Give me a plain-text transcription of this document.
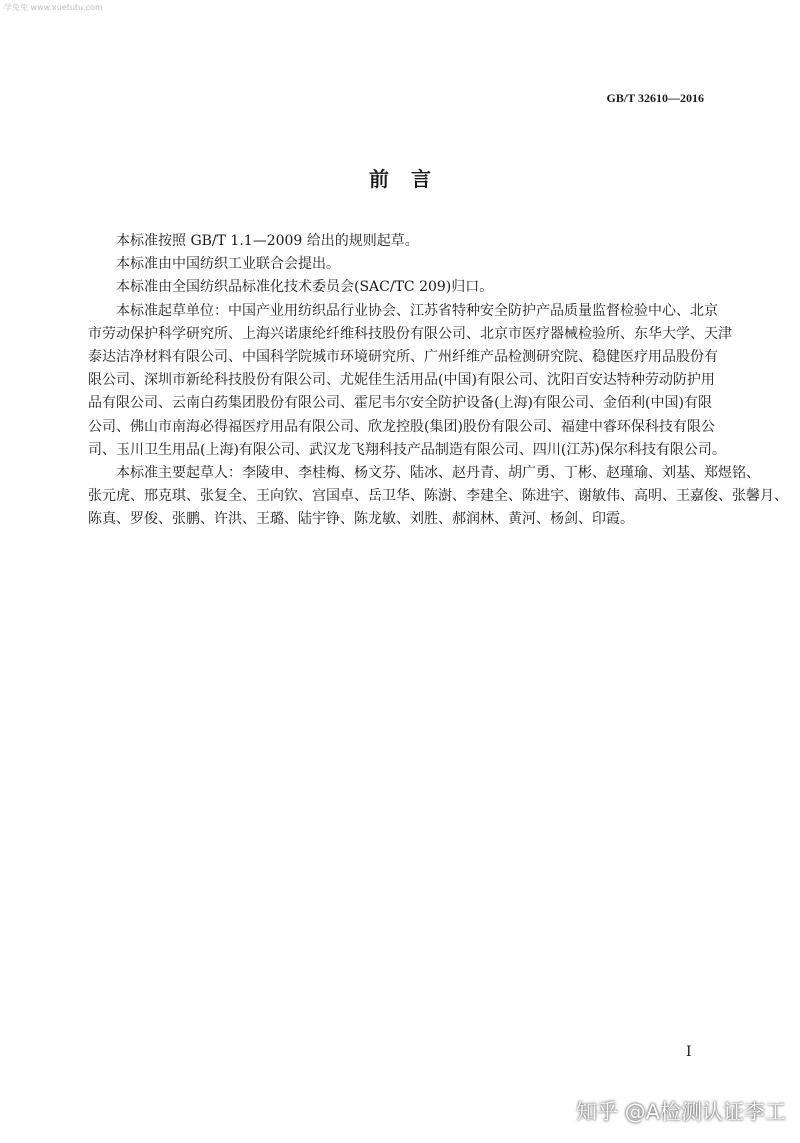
学兔兔 www.xuetutu.com
GB/T 32610—2016
前言
本标准按照 GB/T 1.1—2009 给出的规则起草。
本标准由中国纺织工业联合会提出。
本标准由全国纺织品标准化技术委员会(SAC/TC 209)归口。
本标准起草单位：中国产业用纺织品行业协会、江苏省特种安全防护产品质量监督检验中心、北京
市劳动保护科学研究所、上海兴诺康纶纤维科技股份有限公司、北京市医疗器械检验所、东华大学、天津
泰达洁净材料有限公司、中国科学院城市环境研究所、广州纤维产品检测研究院、稳健医疗用品股份有
限公司、深圳市新纶科技股份有限公司、尤妮佳生活用品(中国)有限公司、沈阳百安达特种劳动防护用
品有限公司、云南白药集团股份有限公司、霍尼韦尔安全防护设备(上海)有限公司、金佰利(中国)有限
公司、佛山市南海必得福医疗用品有限公司、欣龙控股(集团)股份有限公司、福建中睿环保科技有限公
司、玉川卫生用品(上海)有限公司、武汉龙飞翔科技产品制造有限公司、四川(江苏)保尔科技有限公司。
本标准主要起草人：李陵申、李桂梅、杨文芬、陆冰、赵丹青、胡广勇、丁彬、赵瑾瑜、刘基、郑煜铭、
张元虎、邢克琪、张复全、王向钦、宫国卓、岳卫华、陈澍、李建全、陈进宇、谢敏伟、高明、王嘉俊、张馨月、
陈真、罗俊、张鹏、许洪、王璐、陆宇铮、陈龙敏、刘胜、郝润林、黄河、杨剑、印霞。
I
知乎 @A检测认证李工
